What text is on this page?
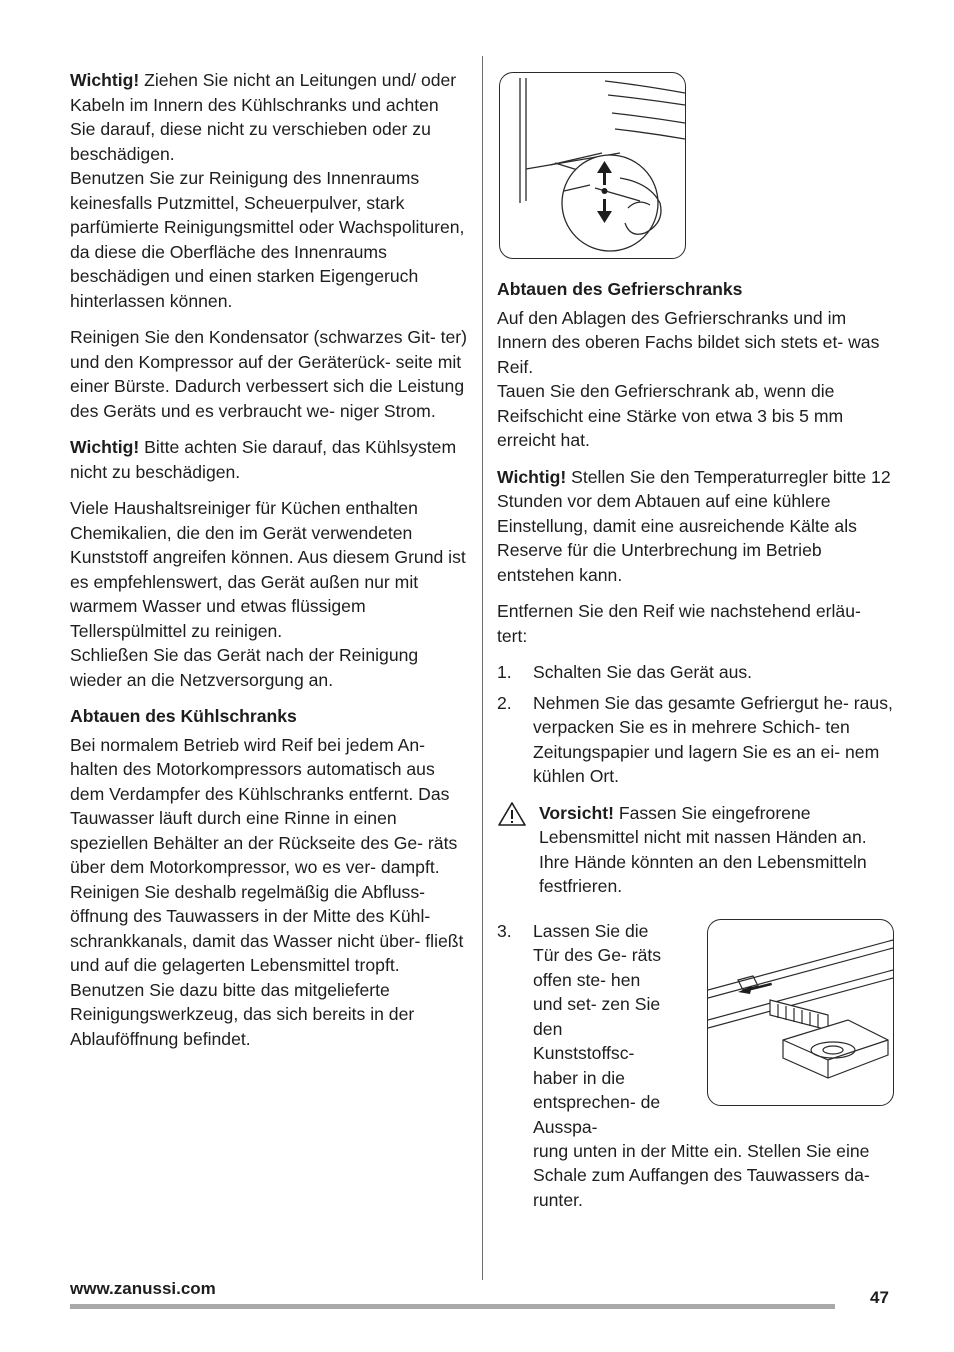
Wichtig! Ziehen Sie nicht an Leitungen und/ oder Kabeln im Innern des Kühlschranks und achten Sie darauf, diese nicht zu verschieben oder zu beschädigen.

Benutzen Sie zur Reinigung des Innenraums keinesfalls Putzmittel, Scheuerpulver, stark parfümierte Reinigungsmittel oder Wachspolituren, da diese die Oberfläche des Innenraums beschädigen und einen starken Eigengeruch hinterlassen können.

Reinigen Sie den Kondensator (schwarzes Git- ter) und den Kompressor auf der Geräterück- seite mit einer Bürste. Dadurch verbessert sich die Leistung des Geräts und es verbraucht we- niger Strom.

Wichtig! Bitte achten Sie darauf, das Kühlsystem nicht zu beschädigen.

Viele Haushaltsreiniger für Küchen enthalten Chemikalien, die den im Gerät verwendeten Kunststoff angreifen können. Aus diesem Grund ist es empfehlenswert, das Gerät außen nur mit warmem Wasser und etwas flüssigem Tellerspülmittel zu reinigen.

Schließen Sie das Gerät nach der Reinigung wieder an die Netzversorgung an.

Abtauen des Kühlschranks

Bei normalem Betrieb wird Reif bei jedem An- halten des Motorkompressors automatisch aus dem Verdampfer des Kühlschranks entfernt. Das Tauwasser läuft durch eine Rinne in einen speziellen Behälter an der Rückseite des Ge- räts über dem Motorkompressor, wo es ver- dampft.

Reinigen Sie deshalb regelmäßig die Abfluss- öffnung des Tauwassers in der Mitte des Kühl- schrankkanals, damit das Wasser nicht über- fließt und auf die gelagerten Lebensmittel tropft. Benutzen Sie dazu bitte das mitgelieferte Reinigungswerkzeug, das sich bereits in der Ablauföffnung befindet.

Abtauen des Gefrierschranks

Auf den Ablagen des Gefrierschranks und im Innern des oberen Fachs bildet sich stets et- was Reif.

Tauen Sie den Gefrierschrank ab, wenn die Reifschicht eine Stärke von etwa 3 bis 5 mm erreicht hat.

Wichtig! Stellen Sie den Temperaturregler bitte 12 Stunden vor dem Abtauen auf eine kühlere Einstellung, damit eine ausreichende Kälte als Reserve für die Unterbrechung im Betrieb entstehen kann.

Entfernen Sie den Reif wie nachstehend erläu- tert:

1. Schalten Sie das Gerät aus.
2. Nehmen Sie das gesamte Gefriergut he- raus, verpacken Sie es in mehrere Schich- ten Zeitungspapier und lagern Sie es an ei- nem kühlen Ort.
Vorsicht! Fassen Sie eingefrorene Lebensmittel nicht mit nassen Händen an. Ihre Hände könnten an den Lebensmitteln festfrieren.
3. Lassen Sie die Tür des Ge- räts offen ste- hen und set- zen Sie den Kunststoffsc- haber in die entsprechen- de Ausspa-
rung unten in der Mitte ein. Stellen Sie eine Schale zum Auffangen des Tauwassers da- runter.
www.zanussi.com	47
